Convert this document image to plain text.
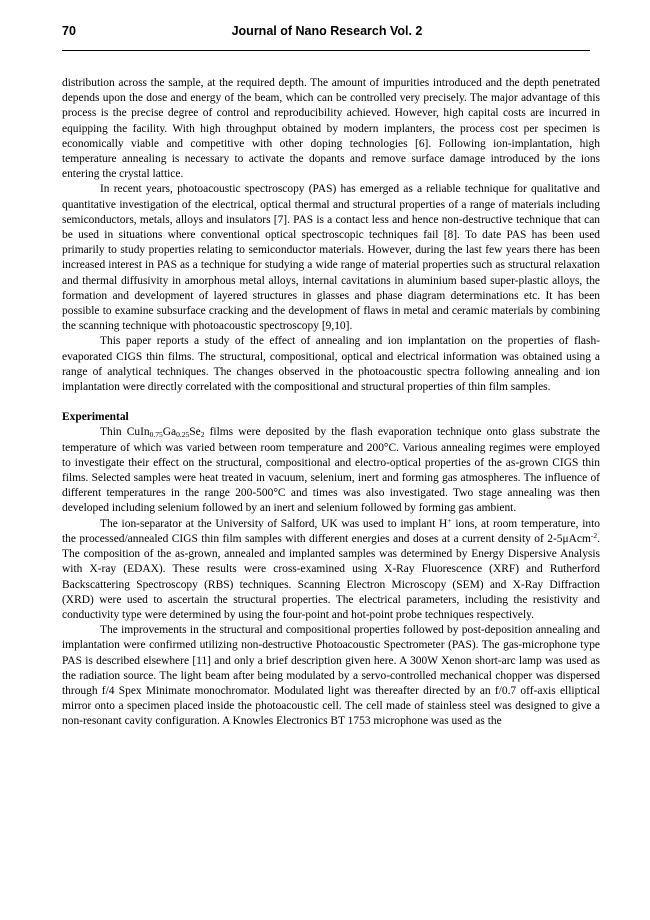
70	Journal of Nano Research Vol. 2

distribution across the sample, at the required depth. The amount of impurities introduced and the depth penetrated depends upon the dose and energy of the beam, which can be controlled very precisely. The major advantage of this process is the precise degree of control and reproducibility achieved. However, high capital costs are incurred in equipping the facility. With high throughput obtained by modern implanters, the process cost per specimen is economically viable and competitive with other doping technologies [6]. Following ion-implantation, high temperature annealing is necessary to activate the dopants and remove surface damage introduced by the ions entering the crystal lattice.

In recent years, photoacoustic spectroscopy (PAS) has emerged as a reliable technique for qualitative and quantitative investigation of the electrical, optical thermal and structural properties of a range of materials including semiconductors, metals, alloys and insulators [7]. PAS is a contact less and hence non-destructive technique that can be used in situations where conventional optical spectroscopic techniques fail [8]. To date PAS has been used primarily to study properties relating to semiconductor materials. However, during the last few years there has been increased interest in PAS as a technique for studying a wide range of material properties such as structural relaxation and thermal diffusivity in amorphous metal alloys, internal cavitations in aluminium based super-plastic alloys, the formation and development of layered structures in glasses and phase diagram determinations etc. It has been possible to examine subsurface cracking and the development of flaws in metal and ceramic materials by combining the scanning technique with photoacoustic spectroscopy [9,10].

This paper reports a study of the effect of annealing and ion implantation on the properties of flash-evaporated CIGS thin films. The structural, compositional, optical and electrical information was obtained using a range of analytical techniques. The changes observed in the photoacoustic spectra following annealing and ion implantation were directly correlated with the compositional and structural properties of thin film samples.

Experimental

Thin $CuIn_{0.75}Ga_{0.25}Se_2$ films were deposited by the flash evaporation technique onto glass substrate the temperature of which was varied between room temperature and 200°C. Various annealing regimes were employed to investigate their effect on the structural, compositional and electro-optical properties of the as-grown CIGS thin films. Selected samples were heat treated in vacuum, selenium, inert and forming gas atmospheres. The influence of different temperatures in the range 200-500°C and times was also investigated. Two stage annealing was then developed including selenium followed by an inert and selenium followed by forming gas ambient.

The ion-separator at the University of Salford, UK was used to implant H+ ions, at room temperature, into the processed/annealed CIGS thin film samples with different energies and doses at a current density of 2-5μAcm$^{-2}$. The composition of the as-grown, annealed and implanted samples was determined by Energy Dispersive Analysis with X-ray (EDAX). These results were cross-examined using X-Ray Fluorescence (XRF) and Rutherford Backscattering Spectroscopy (RBS) techniques. Scanning Electron Microscopy (SEM) and X-Ray Diffraction (XRD) were used to ascertain the structural properties. The electrical parameters, including the resistivity and conductivity type were determined by using the four-point and hot-point probe techniques respectively.

The improvements in the structural and compositional properties followed by post-deposition annealing and implantation were confirmed utilizing non-destructive Photoacoustic Spectrometer (PAS). The gas-microphone type PAS is described elsewhere [11] and only a brief description given here. A 300W Xenon short-arc lamp was used as the radiation source. The light beam after being modulated by a servo-controlled mechanical chopper was dispersed through f/4 Spex Minimate monochromator. Modulated light was thereafter directed by an f/0.7 off-axis elliptical mirror onto a specimen placed inside the photoacoustic cell. The cell made of stainless steel was designed to give a non-resonant cavity configuration. A Knowles Electronics BT 1753 microphone was used as the
